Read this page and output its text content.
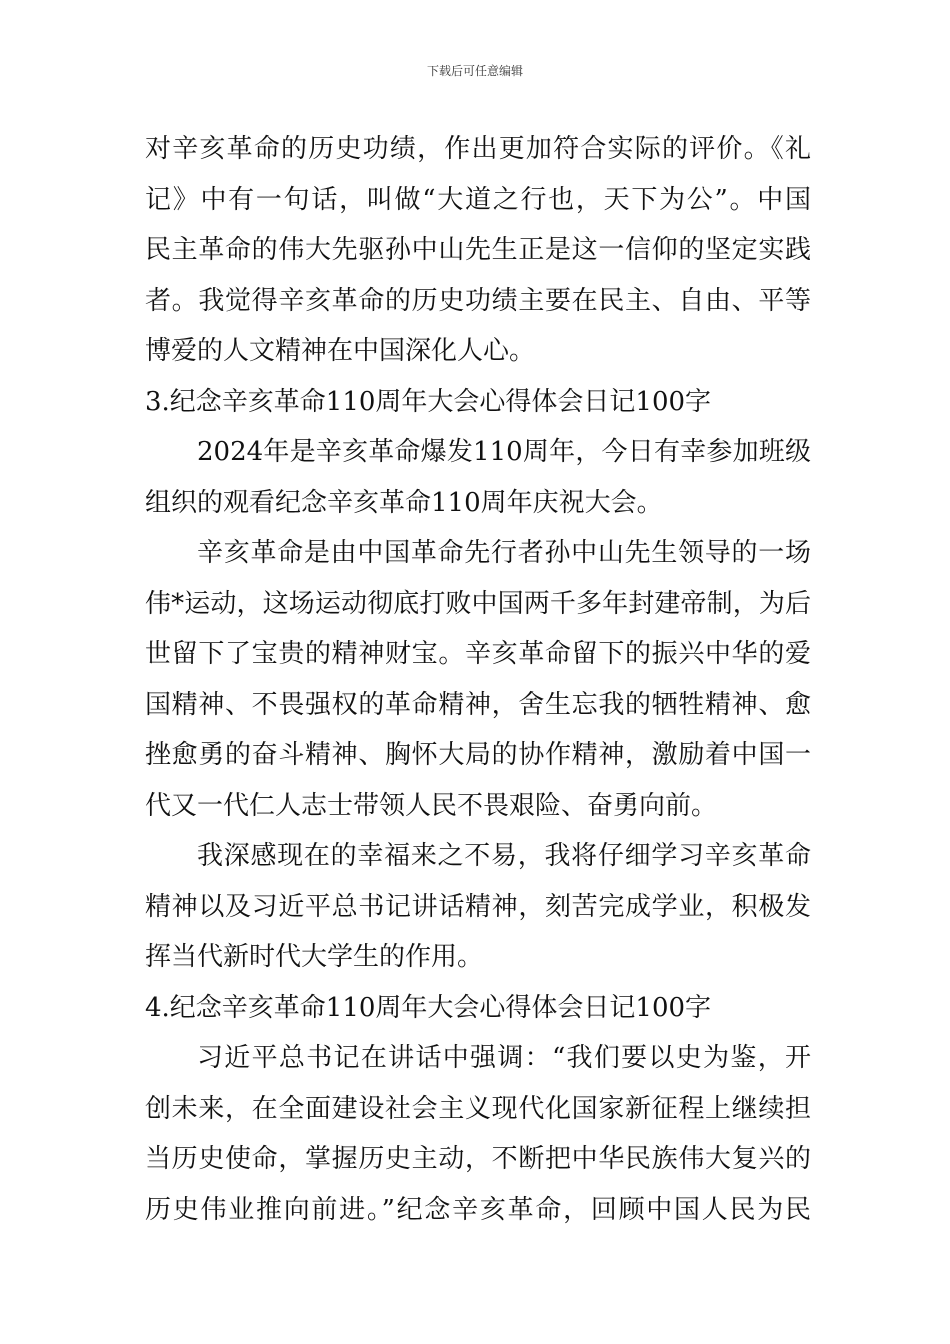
下载后可任意编辑
对辛亥革命的历史功绩，作出更加符合实际的评价。《礼
记》中有一句话，叫做“大道之行也，天下为公”。中国
民主革命的伟大先驱孙中山先生正是这一信仰的坚定实践
者。我觉得辛亥革命的历史功绩主要在民主、自由、平等
博爱的人文精神在中国深化人心。
3.纪念辛亥革命110周年大会心得体会日记100字
2024年是辛亥革命爆发110周年，今日有幸参加班级
组织的观看纪念辛亥革命110周年庆祝大会。
辛亥革命是由中国革命先行者孙中山先生领导的一场
伟*运动，这场运动彻底打败中国两千多年封建帝制，为后
世留下了宝贵的精神财宝。辛亥革命留下的振兴中华的爱
国精神、不畏强权的革命精神，舍生忘我的牺牲精神、愈
挫愈勇的奋斗精神、胸怀大局的协作精神，激励着中国一
代又一代仁人志士带领人民不畏艰险、奋勇向前。
我深感现在的幸福来之不易，我将仔细学习辛亥革命
精神以及习近平总书记讲话精神，刻苦完成学业，积极发
挥当代新时代大学生的作用。
4.纪念辛亥革命110周年大会心得体会日记100字
习近平总书记在讲话中强调：“我们要以史为鉴，开
创未来，在全面建设社会主义现代化国家新征程上继续担
当历史使命，掌握历史主动，不断把中华民族伟大复兴的
历史伟业推向前进。”纪念辛亥革命，回顾中国人民为民
